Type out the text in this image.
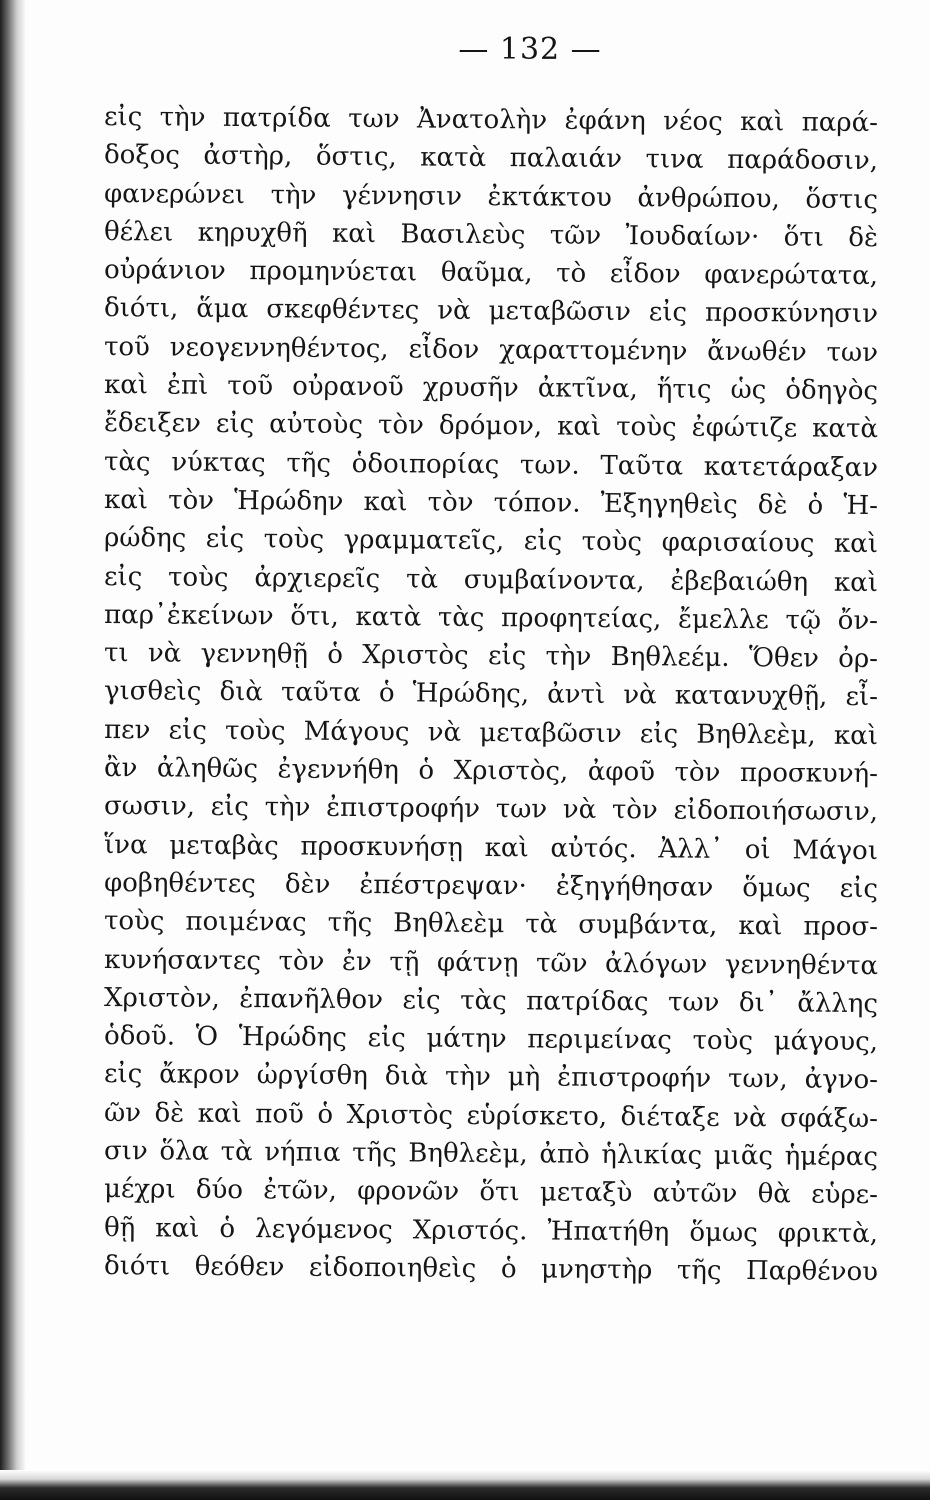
— 132 —
εἰς τὴν πατρίδα των Ἀνατολὴν ἐφάνη νέος καὶ παρά-
δοξος ἀστὴρ, ὅστις, κατὰ παλαιάν τινα παράδοσιν,
φανερώνει τὴν γέννησιν ἐκτάκτου ἀνθρώπου, ὅστις
θέλει κηρυχθῆ καὶ Βασιλεὺς τῶν Ἰουδαίων· ὅτι δὲ
οὐράνιον προμηνύεται θαῦμα, τὸ εἶδον φανερώτατα,
διότι, ἅμα σκεφθέντες νὰ μεταβῶσιν εἰς προσκύνησιν
τοῦ νεογεννηθέντος, εἶδον χαραττομένην ἄνωθέν των
καὶ ἐπὶ τοῦ οὐρανοῦ χρυσῆν ἀκτῖνα, ἥτις ὡς ὁδηγὸς
ἔδειξεν εἰς αὐτοὺς τὸν δρόμον, καὶ τοὺς ἐφώτιζε κατὰ
τὰς νύκτας τῆς ὁδοιπορίας των. Ταῦτα κατετάραξαν
καὶ τὸν Ἡρώδην καὶ τὸν τόπον. Ἐξηγηθεὶς δὲ ὁ Ἡ-
ρώδης εἰς τοὺς γραμματεῖς, εἰς τοὺς φαρισαίους καὶ
εἰς τοὺς ἀρχιερεῖς τὰ συμβαίνοντα, ἐβεβαιώθη καὶ
παρ᾽ἐκείνων ὅτι, κατὰ τὰς προφητείας, ἔμελλε τῷ ὄν-
τι νὰ γεννηθῇ ὁ Χριστὸς εἰς τὴν Βηθλεέμ. Ὅθεν ὀρ-
γισθεὶς διὰ ταῦτα ὁ Ἡρώδης, ἀντὶ νὰ κατανυχθῇ, εἶ-
πεν εἰς τοὺς Μάγους νὰ μεταβῶσιν εἰς Βηθλεὲμ, καὶ
ἂν ἀληθῶς ἐγεννήθη ὁ Χριστὸς, ἀφοῦ τὸν προσκυνή-
σωσιν, εἰς τὴν ἐπιστροφήν των νὰ τὸν εἰδοποιήσωσιν,
ἵνα μεταβὰς προσκυνήσῃ καὶ αὐτός. Ἀλλ᾽ οἱ Μάγοι
φοβηθέντες δὲν ἐπέστρεψαν· ἐξηγήθησαν ὅμως εἰς
τοὺς ποιμένας τῆς Βηθλεὲμ τὰ συμβάντα, καὶ προσ-
κυνήσαντες τὸν ἐν τῇ φάτνῃ τῶν ἀλόγων γεννηθέντα
Χριστὸν, ἐπανῆλθον εἰς τὰς πατρίδας των δι᾽ ἄλλης
ὁδοῦ. Ὁ Ἡρώδης εἰς μάτην περιμείνας τοὺς μάγους,
εἰς ἄκρον ὠργίσθη διὰ τὴν μὴ ἐπιστροφήν των, ἀγνο-
ῶν δὲ καὶ ποῦ ὁ Χριστὸς εὑρίσκετο, διέταξε νὰ σφάξω-
σιν ὅλα τὰ νήπια τῆς Βηθλεὲμ, ἀπὸ ἡλικίας μιᾶς ἡμέρας
μέχρι δύο ἐτῶν, φρονῶν ὅτι μεταξὺ αὐτῶν θὰ εὑρε-
θῇ καὶ ὁ λεγόμενος Χριστός. Ἠπατήθη ὅμως φρικτὰ,
διότι θεόθεν εἰδοποιηθεὶς ὁ μνηστὴρ τῆς Παρθένου
